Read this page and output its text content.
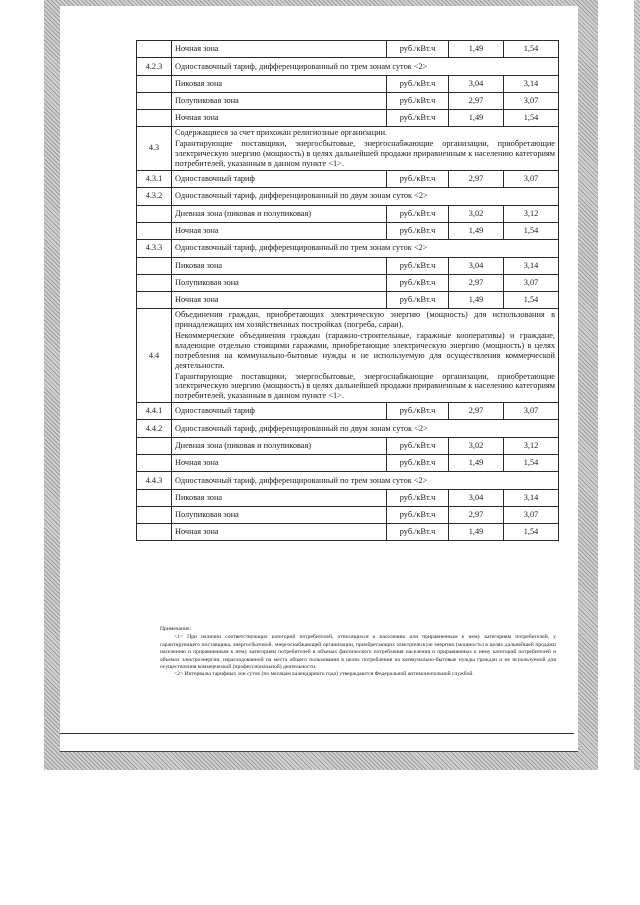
	Ночная зона	руб./кВт.ч	1,49	1,54
4.2.3	Одноставочный тариф, дифференцированный по трем зонам суток <2>			
	Пиковая зона	руб./кВт.ч	3,04	3,14
	Полупиковая зона	руб./кВт.ч	2,97	3,07
	Ночная зона	руб./кВт.ч	1,49	1,54
4.3	Содержащиеся за счет прихожан религиозные организации.

Гарантирующие поставщики, энергосбытовые, энергоснабжающие организации, приобретающие электрическую энергию (мощность) в целях дальнейшей продажи приравненным к населению категориям потребителей, указанным в данном пункте <1>.			

4.3.1	Одноставочный тариф	руб./кВт.ч	2,97	3,07
4.3.2	Одноставочный тариф, дифференцированный по двум зонам суток <2>			
	Дневная зона (пиковая и полупиковая)	руб./кВт.ч	3,02	3,12
	Ночная зона	руб./кВт.ч	1,49	1,54
4.3.3	Одноставочный тариф, дифференцированный по трем зонам суток <2>			
	Пиковая зона	руб./кВт.ч	3,04	3,14
	Полупиковая зона	руб./кВт.ч	2,97	3,07
	Ночная зона	руб./кВт.ч	1,49	1,54
4.4	Объединения граждан, приобретающих электрическую энергию (мощность) для использования в принадлежащих им хозяйственных постройках (погреба, сараи).

Некоммерческие объединения граждан (гаражно-строительные, гаражные кооперативы) и граждане, владеющие отдельно стоящими гаражами, приобретающие электрическую энергию (мощность) в целях потребления на коммунально-бытовые нужды и не используемую для осуществления коммерческой деятельности.

Гарантирующие поставщики, энергосбытовые, энергоснабжающие организации, приобретающие электрическую энергию (мощность) в целях дальнейшей продажи приравненным к населению категориям потребителей, указанным в данном пункте <1>.			

4.4.1	Одноставочный тариф	руб./кВт.ч	2,97	3,07
4.4.2	Одноставочный тариф, дифференцированный по двум зонам суток <2>			
	Дневная зона (пиковая и полупиковая)	руб./кВт.ч	3,02	3,12
	Ночная зона	руб./кВт.ч	1,49	1,54
4.4.3	Одноставочный тариф, дифференцированный по трем зонам суток <2>			
	Пиковая зона	руб./кВт.ч	3,04	3,14
	Полупиковая зона	руб./кВт.ч	2,97	3,07
	Ночная зона	руб./кВт.ч	1,49	1,54

Примечание:

<1> При наличии соответствующих категорий потребителей, относящихся к населению или приравненным к нему категориям потребителей, у гарантирующего поставщика, энергосбытовой, энергоснабжающей организации, приобретающих электрическую энергию (мощность) в целях дальнейшей продажи населению и приравненным к нему категориям потребителей в объемах фактического потребления населения и приравненных к нему категорий потребителей и объемах электроэнергии, израсходованной на места общего пользования в целях потребления на коммунально-бытовые нужды граждан и не используемой для осуществления коммерческой (профессиональной) деятельности.

<2> Интервалы тарифных зон суток (по месяцам календарного года) утверждаются Федеральной антимонопольной службой.
